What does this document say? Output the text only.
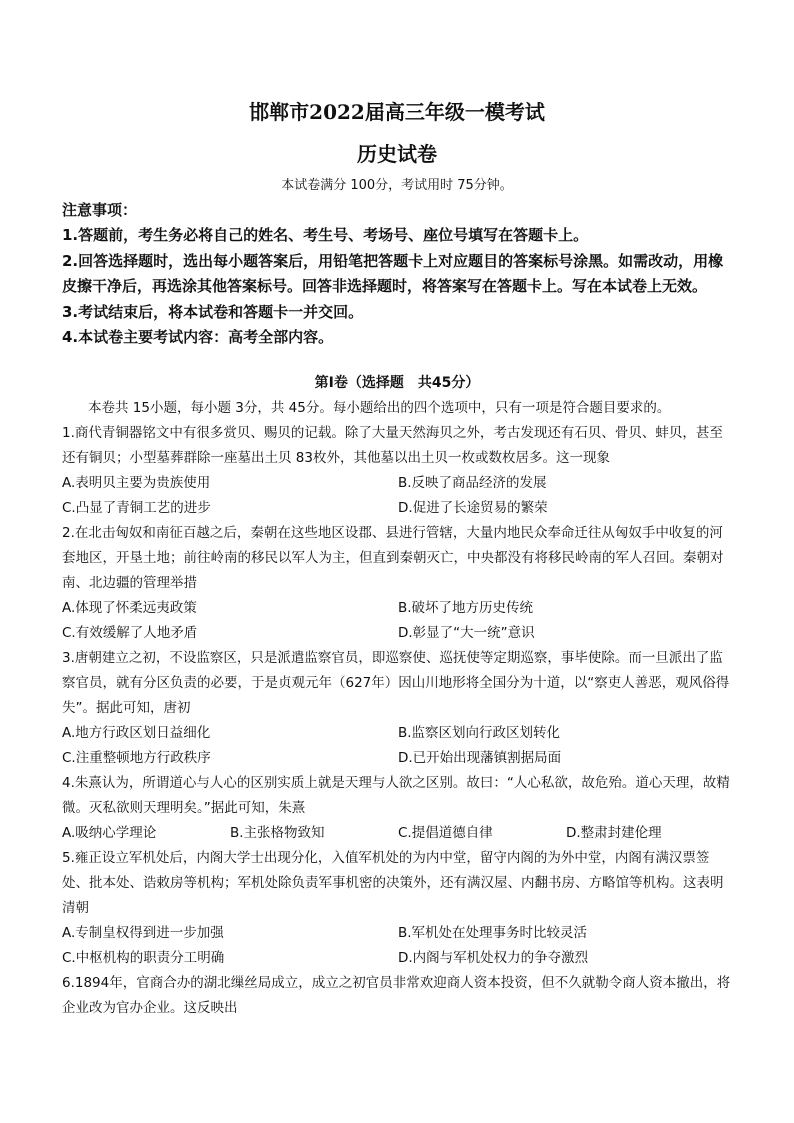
邯郸市2022届高三年级一模考试
历史试卷
本试卷满分 100分，考试用时 75分钟。
注意事项：
1.答题前，考生务必将自己的姓名、考生号、考场号、座位号填写在答题卡上。
2.回答选择题时，选出每小题答案后，用铅笔把答题卡上对应题目的答案标号涂黑。如需改动，用橡皮擦干净后，再选涂其他答案标号。回答非选择题时，将答案写在答题卡上。写在本试卷上无效。
3.考试结束后，将本试卷和答题卡一并交回。
4.本试卷主要考试内容：高考全部内容。
第Ⅰ卷（选择题　共45分）

本卷共 15小题，每小题 3分，共 45分。每小题给出的四个选项中，只有一项是符合题目要求的。

1.商代青铜器铭文中有很多赏贝、赐贝的记载。除了大量天然海贝之外，考古发现还有石贝、骨贝、蚌贝，甚至还有铜贝；小型墓葬群除一座墓出土贝 83枚外，其他墓以出土贝一枚或数枚居多。这一现象

A.表明贝主要为贵族使用	B.反映了商品经济的发展
C.凸显了青铜工艺的进步	D.促进了长途贸易的繁荣

2.在北击匈奴和南征百越之后，秦朝在这些地区设郡、县进行管辖，大量内地民众奉命迁往从匈奴手中收复的河套地区，开垦土地；前往岭南的移民以军人为主，但直到秦朝灭亡，中央都没有将移民岭南的军人召回。秦朝对南、北边疆的管理举措

A.体现了怀柔远夷政策	B.破坏了地方历史传统
C.有效缓解了人地矛盾	D.彰显了“大一统”意识

3.唐朝建立之初，不设监察区，只是派遣监察官员，即巡察使、巡抚使等定期巡察，事毕使除。而一旦派出了监察官员，就有分区负责的必要，于是贞观元年（627年）因山川地形将全国分为十道，以“察吏人善恶，观风俗得失”。据此可知，唐初

A.地方行政区划日益细化	B.监察区划向行政区划转化
C.注重整顿地方行政秩序	D.已开始出现藩镇割据局面

4.朱熹认为，所谓道心与人心的区别实质上就是天理与人欲之区别。故曰：“人心私欲，故危殆。道心天理，故精微。灭私欲则天理明矣。”据此可知，朱熹

A.吸纳心学理论	B.主张格物致知	C.提倡道德自律	D.整肃封建伦理

5.雍正设立军机处后，内阁大学士出现分化，入值军机处的为内中堂，留守内阁的为外中堂，内阁有满汉票签处、批本处、诰敕房等机构；军机处除负责军事机密的决策外，还有满汉屋、内翻书房、方略馆等机构。这表明清朝

A.专制皇权得到进一步加强	B.军机处在处理事务时比较灵活
C.中枢机构的职责分工明确	D.内阁与军机处权力的争夺激烈

6.1894年，官商合办的湖北缫丝局成立，成立之初官员非常欢迎商人资本投资，但不久就勒令商人资本撤出，将企业改为官办企业。这反映出
